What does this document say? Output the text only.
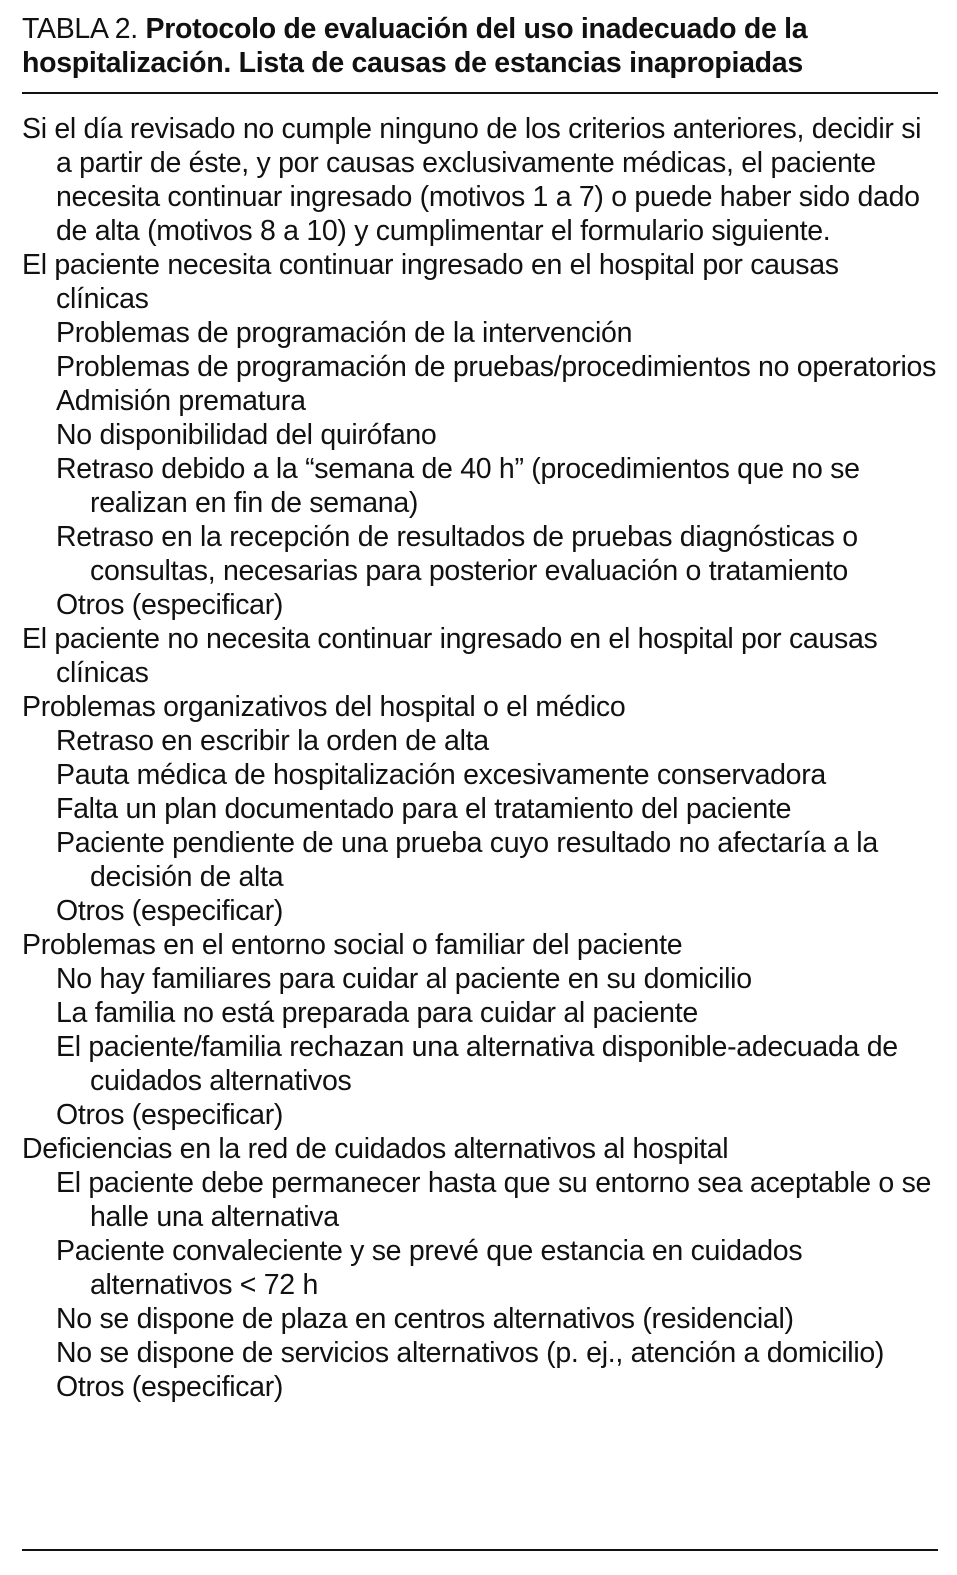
TABLA 2. Protocolo de evaluación del uso inadecuado de la hospitalización. Lista de causas de estancias inapropiadas
Si el día revisado no cumple ninguno de los criterios anteriores, decidir si a partir de éste, y por causas exclusivamente médicas, el paciente necesita continuar ingresado (motivos 1 a 7) o puede haber sido dado de alta (motivos 8 a 10) y cumplimentar el formulario siguiente.
El paciente necesita continuar ingresado en el hospital por causas clínicas
Problemas de programación de la intervención
Problemas de programación de pruebas/procedimientos no operatorios
Admisión prematura
No disponibilidad del quirófano
Retraso debido a la “semana de 40 h” (procedimientos que no se realizan en fin de semana)
Retraso en la recepción de resultados de pruebas diagnósticas o consultas, necesarias para posterior evaluación o tratamiento
Otros (especificar)
El paciente no necesita continuar ingresado en el hospital por causas clínicas
Problemas organizativos del hospital o el médico
Retraso en escribir la orden de alta
Pauta médica de hospitalización excesivamente conservadora
Falta un plan documentado para el tratamiento del paciente
Paciente pendiente de una prueba cuyo resultado no afectaría a la decisión de alta
Otros (especificar)
Problemas en el entorno social o familiar del paciente
No hay familiares para cuidar al paciente en su domicilio
La familia no está preparada para cuidar al paciente
El paciente/familia rechazan una alternativa disponible-adecuada de cuidados alternativos
Otros (especificar)
Deficiencias en la red de cuidados alternativos al hospital
El paciente debe permanecer hasta que su entorno sea aceptable o se halle una alternativa
Paciente convaleciente y se prevé que estancia en cuidados alternativos < 72 h
No se dispone de plaza en centros alternativos (residencial)
No se dispone de servicios alternativos (p. ej., atención a domicilio)
Otros (especificar)
